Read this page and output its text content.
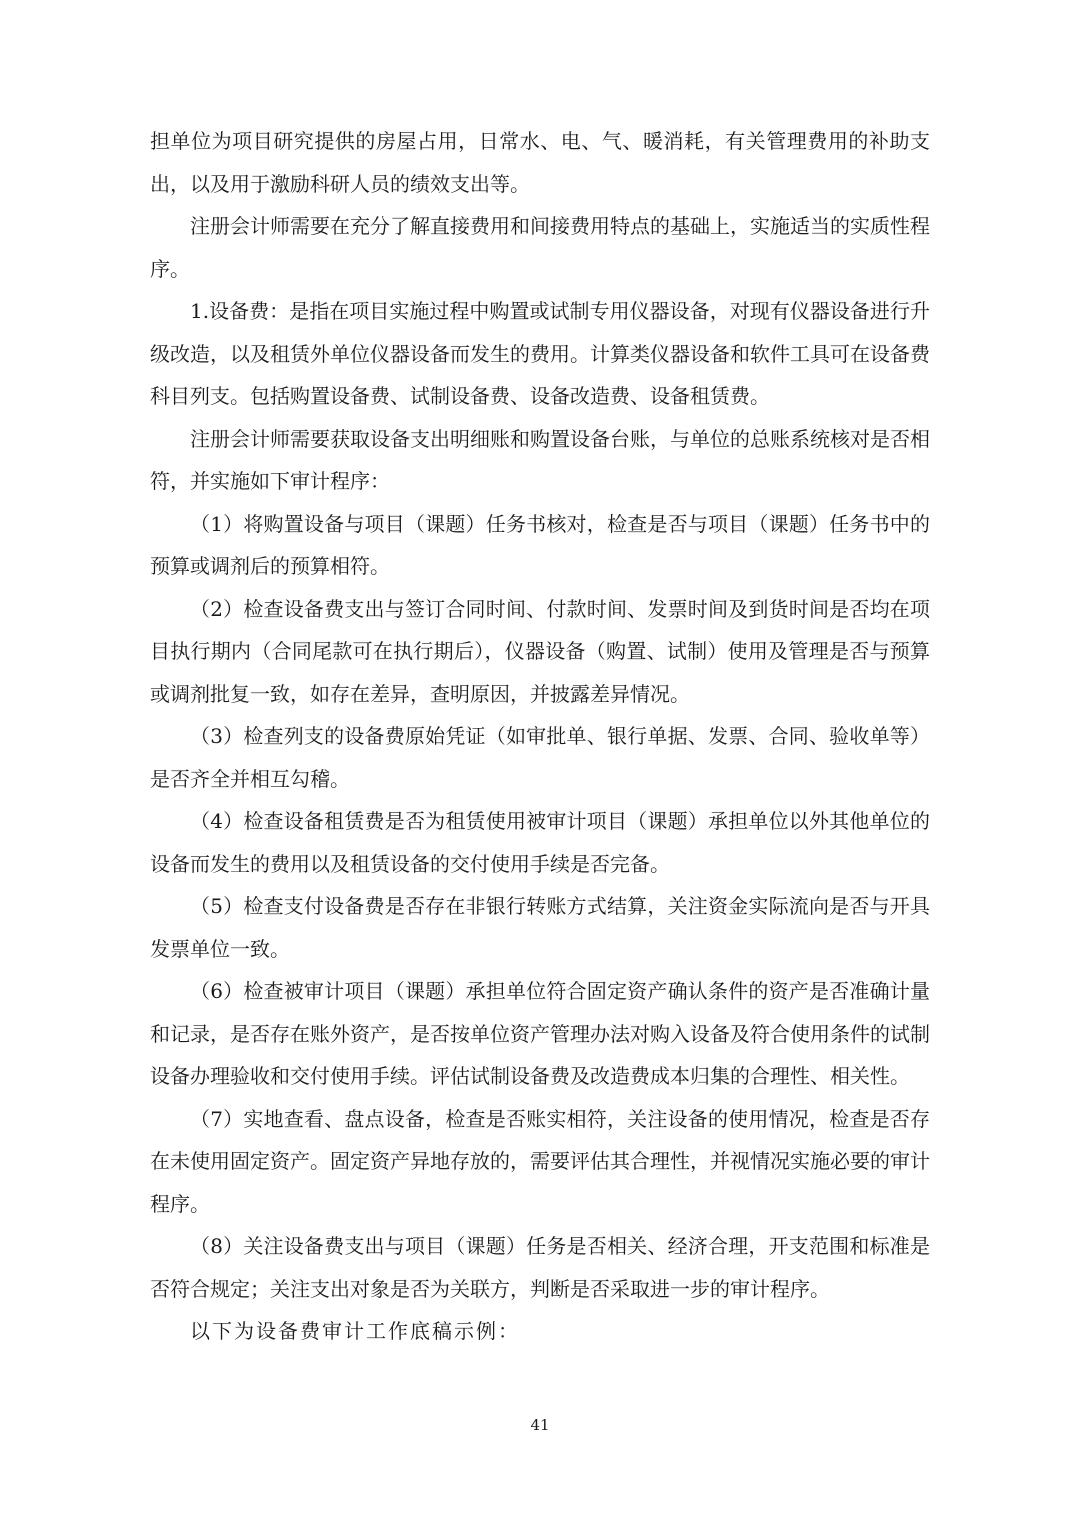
担单位为项目研究提供的房屋占用，日常水、电、气、暖消耗，有关管理费用的补助支出，以及用于激励科研人员的绩效支出等。

注册会计师需要在充分了解直接费用和间接费用特点的基础上，实施适当的实质性程序。

1.设备费：是指在项目实施过程中购置或试制专用仪器设备，对现有仪器设备进行升级改造，以及租赁外单位仪器设备而发生的费用。计算类仪器设备和软件工具可在设备费科目列支。包括购置设备费、试制设备费、设备改造费、设备租赁费。

注册会计师需要获取设备支出明细账和购置设备台账，与单位的总账系统核对是否相符，并实施如下审计程序：

（1）将购置设备与项目（课题）任务书核对，检查是否与项目（课题）任务书中的预算或调剂后的预算相符。

（2）检查设备费支出与签订合同时间、付款时间、发票时间及到货时间是否均在项目执行期内（合同尾款可在执行期后），仪器设备（购置、试制）使用及管理是否与预算或调剂批复一致，如存在差异，查明原因，并披露差异情况。

（3）检查列支的设备费原始凭证（如审批单、银行单据、发票、合同、验收单等）是否齐全并相互勾稽。

（4）检查设备租赁费是否为租赁使用被审计项目（课题）承担单位以外其他单位的设备而发生的费用以及租赁设备的交付使用手续是否完备。

（5）检查支付设备费是否存在非银行转账方式结算，关注资金实际流向是否与开具发票单位一致。

（6）检查被审计项目（课题）承担单位符合固定资产确认条件的资产是否准确计量和记录，是否存在账外资产，是否按单位资产管理办法对购入设备及符合使用条件的试制设备办理验收和交付使用手续。评估试制设备费及改造费成本归集的合理性、相关性。

（7）实地查看、盘点设备，检查是否账实相符，关注设备的使用情况，检查是否存在未使用固定资产。固定资产异地存放的，需要评估其合理性，并视情况实施必要的审计程序。

（8）关注设备费支出与项目（课题）任务是否相关、经济合理，开支范围和标准是否符合规定；关注支出对象是否为关联方，判断是否采取进一步的审计程序。

以下为设备费审计工作底稿示例：

41
